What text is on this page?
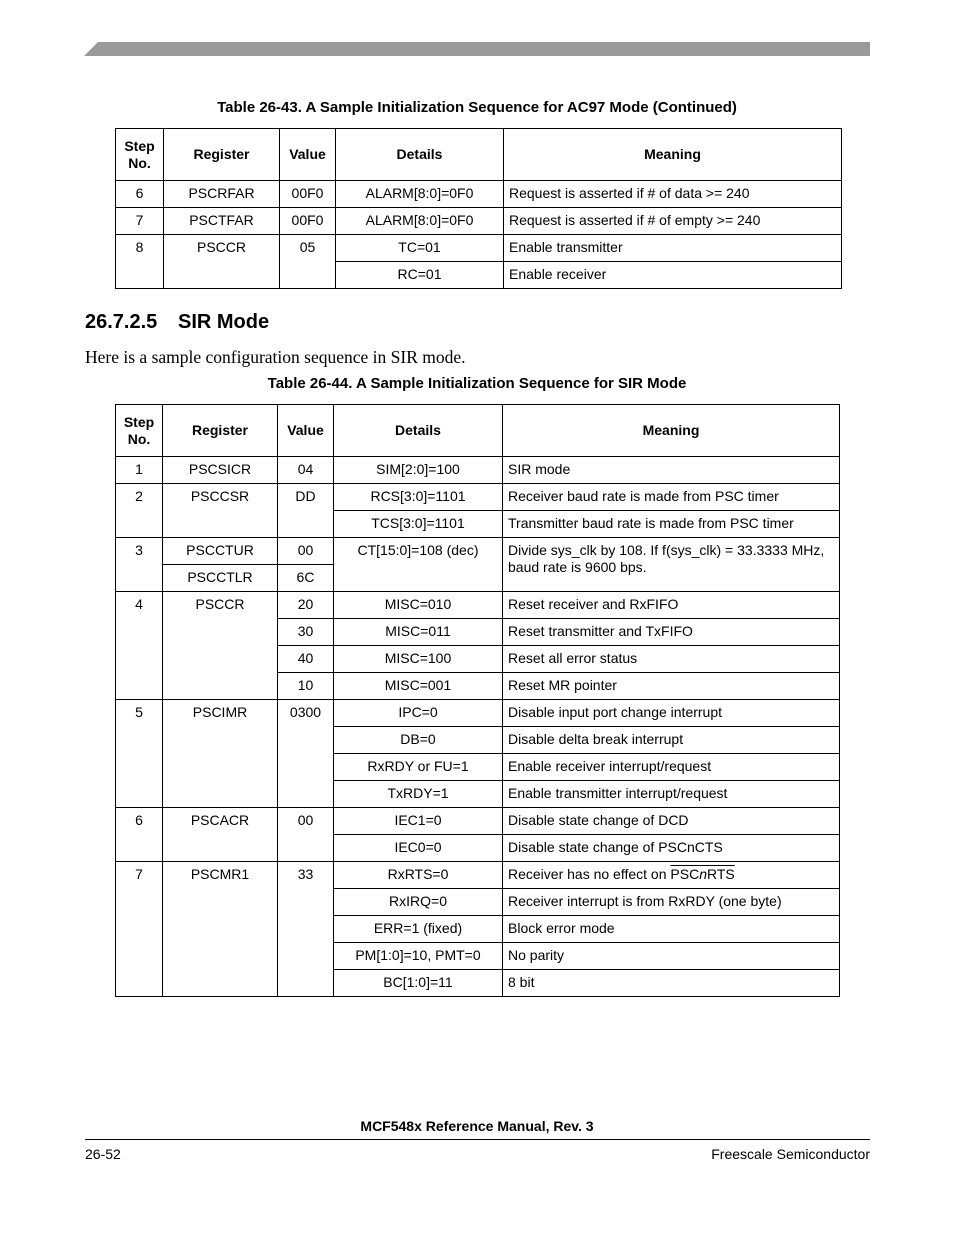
Table 26-43. A Sample Initialization Sequence for AC97 Mode (Continued)
Step No.	Register	Value	Details	Meaning
6	PSCRFAR	00F0	ALARM[8:0]=0F0	Request is asserted if # of data >= 240
7	PSCTFAR	00F0	ALARM[8:0]=0F0	Request is asserted if # of empty >= 240
8	PSCCR	05	TC=01	Enable transmitter
			RC=01	Enable receiver
26.7.2.5 SIR Mode
Here is a sample configuration sequence in SIR mode.
Table 26-44. A Sample Initialization Sequence for SIR Mode
Step No.	Register	Value	Details	Meaning
1	PSCSICR	04	SIM[2:0]=100	SIR mode
2	PSCCSR	DD	RCS[3:0]=1101	Receiver baud rate is made from PSC timer
			TCS[3:0]=1101	Transmitter baud rate is made from PSC timer
3	PSCCTUR	00	CT[15:0]=108 (dec)	Divide sys_clk by 108. If f(sys_clk) = 33.3333 MHz, baud rate is 9600 bps.
	PSCCTLR	6C		
4	PSCCR	20	MISC=010	Reset receiver and RxFIFO
		30	MISC=011	Reset transmitter and TxFIFO
		40	MISC=100	Reset all error status
		10	MISC=001	Reset MR pointer
5	PSCIMR	0300	IPC=0	Disable input port change interrupt
			DB=0	Disable delta break interrupt
			RxRDY or FU=1	Enable receiver interrupt/request
			TxRDY=1	Enable transmitter interrupt/request
6	PSCACR	00	IEC1=0	Disable state change of DCD
			IEC0=0	Disable state change of PSCnCTS
7	PSCMR1	33	RxRTS=0	Receiver has no effect on PSCnRTS
			RxIRQ=0	Receiver interrupt is from RxRDY (one byte)
			ERR=1 (fixed)	Block error mode
			PM[1:0]=10, PMT=0	No parity
			BC[1:0]=11	8 bit
MCF548x Reference Manual, Rev. 3
26-52	Freescale Semiconductor
